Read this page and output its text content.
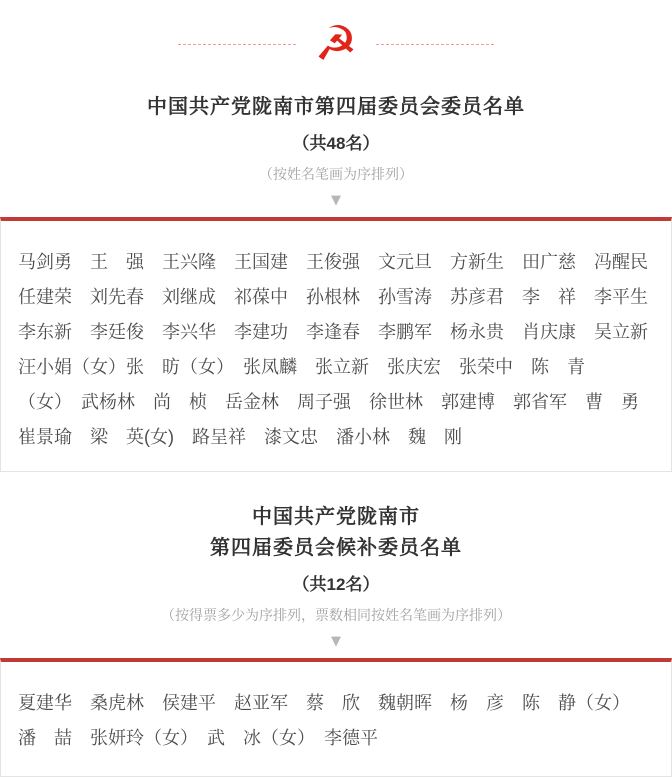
☭
中国共产党陇南市第四届委员会委员名单
（共48名）
（按姓名笔画为序排列）
▼
马剑勇　王　强　王兴隆　王国建　王俊强　文元旦　方新生　田广慈　冯醒民
任建荣　刘先春　刘继成　祁葆中　孙根林　孙雪涛　苏彦君　李　祥　李平生
李东新　李廷俊　李兴华　李建功　李逢春　李鹏军　杨永贵　肖庆康　吴立新
汪小娟（女）张　昉（女）　张凤麟　张立新　张庆宏　张荣中　陈　青
（女）　武杨林　尚　桢　岳金林　周子强　徐世林　郭建博　郭省军　曹　勇
崔景瑜　梁　英(女)　路呈祥　漆文忠　潘小林　魏　刚
中国共产党陇南市
第四届委员会候补委员名单
（共12名）
（按得票多少为序排列，票数相同按姓名笔画为序排列）
▼
夏建华　桑虎林　侯建平　赵亚军　蔡　欣　魏朝晖　杨　彦　陈　静（女）
潘　喆　张妍玲（女）　武　冰（女）　李德平
